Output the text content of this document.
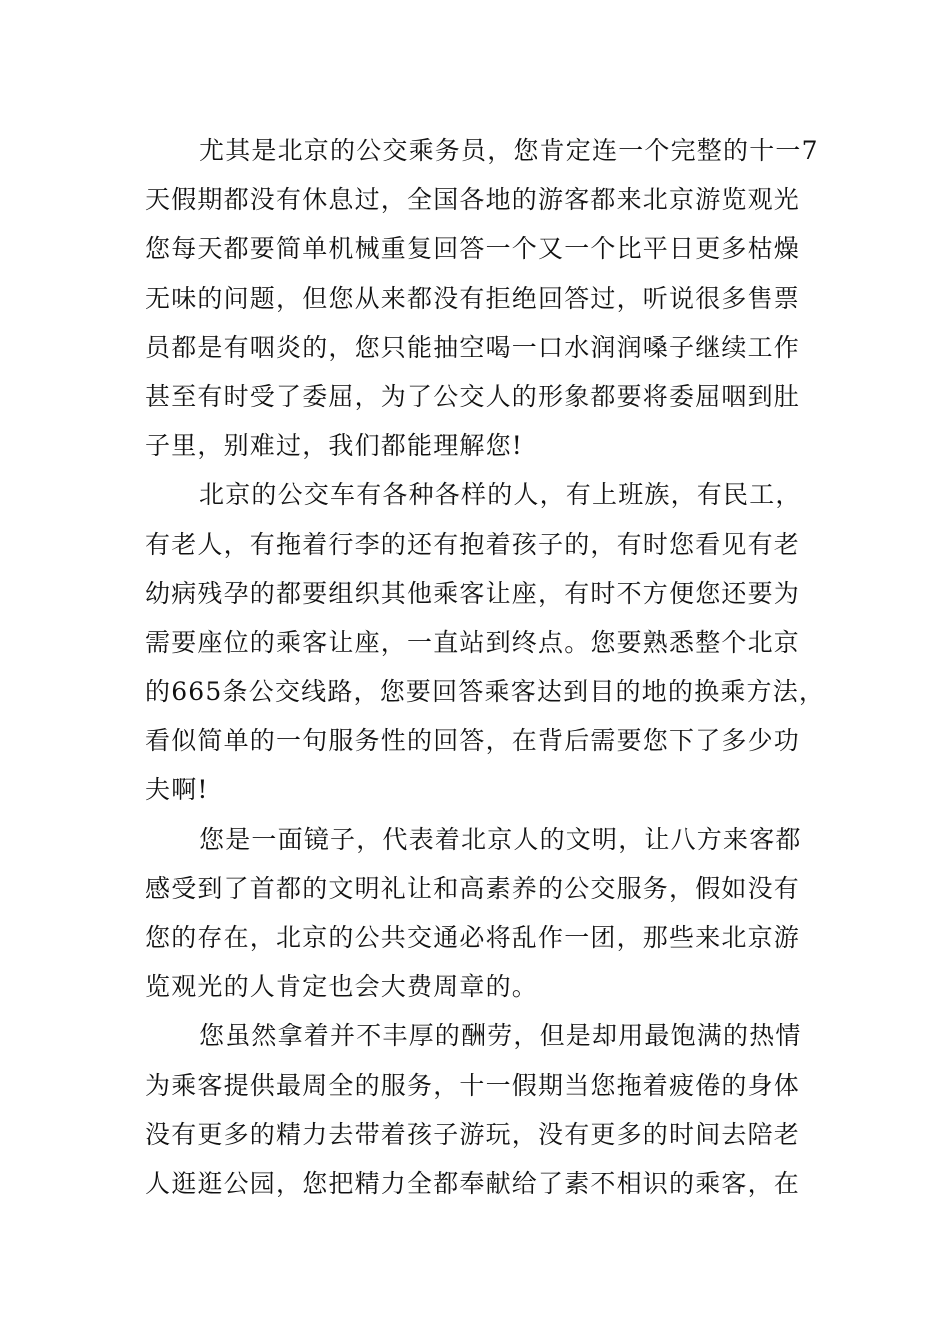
尤其是北京的公交乘务员，您肯定连一个完整的十一7
天假期都没有休息过，全国各地的游客都来北京游览观光
您每天都要简单机械重复回答一个又一个比平日更多枯燥
无味的问题，但您从来都没有拒绝回答过，听说很多售票
员都是有咽炎的，您只能抽空喝一口水润润嗓子继续工作
甚至有时受了委屈，为了公交人的形象都要将委屈咽到肚
子里，别难过，我们都能理解您!
北京的公交车有各种各样的人，有上班族，有民工，
有老人，有拖着行李的还有抱着孩子的，有时您看见有老
幼病残孕的都要组织其他乘客让座，有时不方便您还要为
需要座位的乘客让座，一直站到终点。您要熟悉整个北京
的665条公交线路，您要回答乘客达到目的地的换乘方法，
看似简单的一句服务性的回答，在背后需要您下了多少功
夫啊!
您是一面镜子，代表着北京人的文明，让八方来客都
感受到了首都的文明礼让和高素养的公交服务，假如没有
您的存在，北京的公共交通必将乱作一团，那些来北京游
览观光的人肯定也会大费周章的。
您虽然拿着并不丰厚的酬劳，但是却用最饱满的热情
为乘客提供最周全的服务，十一假期当您拖着疲倦的身体
没有更多的精力去带着孩子游玩，没有更多的时间去陪老
人逛逛公园，您把精力全都奉献给了素不相识的乘客，在
